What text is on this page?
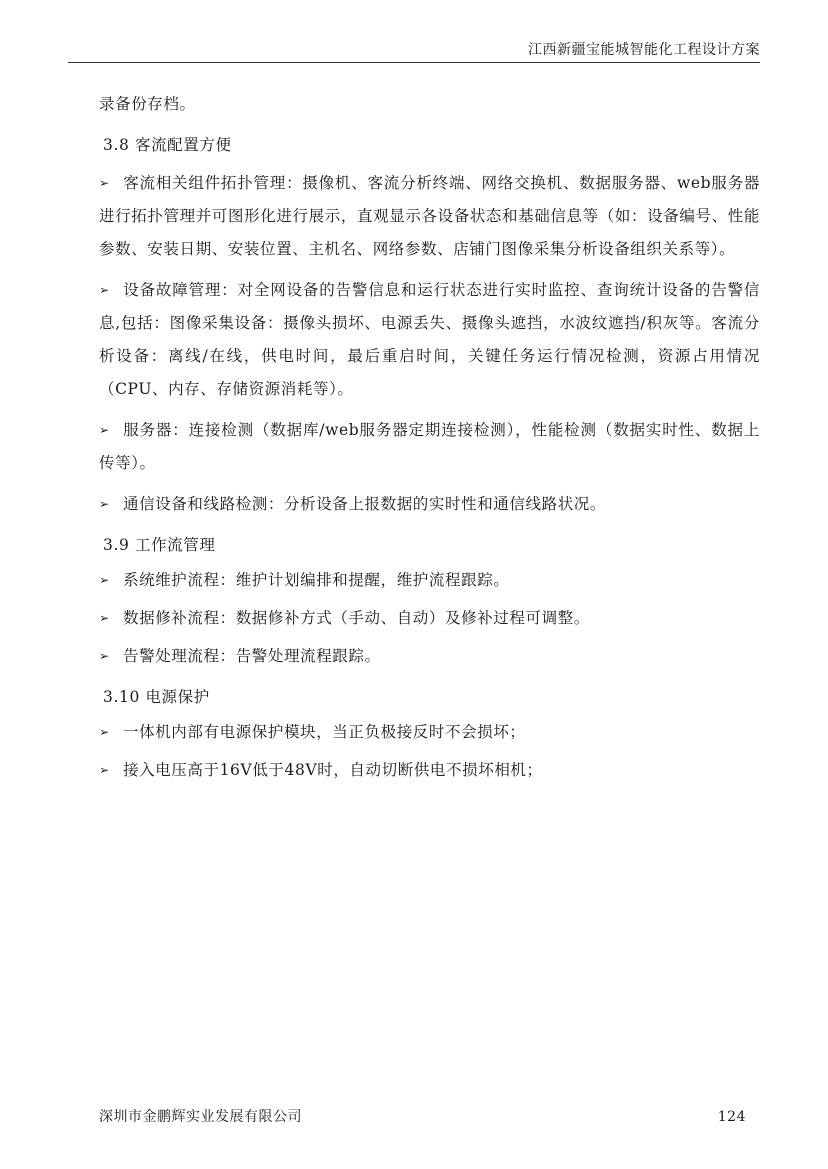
江西新疆宝能城智能化工程设计方案

录备份存档。

3.8 客流配置方便

➢ 客流相关组件拓扑管理：摄像机、客流分析终端、网络交换机、数据服务器、web服务器进行拓扑管理并可图形化进行展示，直观显示各设备状态和基础信息等（如：设备编号、性能参数、安装日期、安装位置、主机名、网络参数、店铺门图像采集分析设备组织关系等）。

➢ 设备故障管理：对全网设备的告警信息和运行状态进行实时监控、查询统计设备的告警信息,包括：图像采集设备：摄像头损坏、电源丢失、摄像头遮挡，水波纹遮挡/积灰等。客流分析设备：离线/在线，供电时间，最后重启时间，关键任务运行情况检测，资源占用情况（CPU、内存、存储资源消耗等）。

➢ 服务器：连接检测（数据库/web服务器定期连接检测），性能检测（数据实时性、数据上传等）。

➢ 通信设备和线路检测：分析设备上报数据的实时性和通信线路状况。

3.9 工作流管理

➢ 系统维护流程：维护计划编排和提醒，维护流程跟踪。

➢ 数据修补流程：数据修补方式（手动、自动）及修补过程可调整。

➢ 告警处理流程：告警处理流程跟踪。

3.10 电源保护

➢ 一体机内部有电源保护模块，当正负极接反时不会损坏；

➢ 接入电压高于16V低于48V时，自动切断供电不损坏相机；

深圳市金鹏辉实业发展有限公司	124
